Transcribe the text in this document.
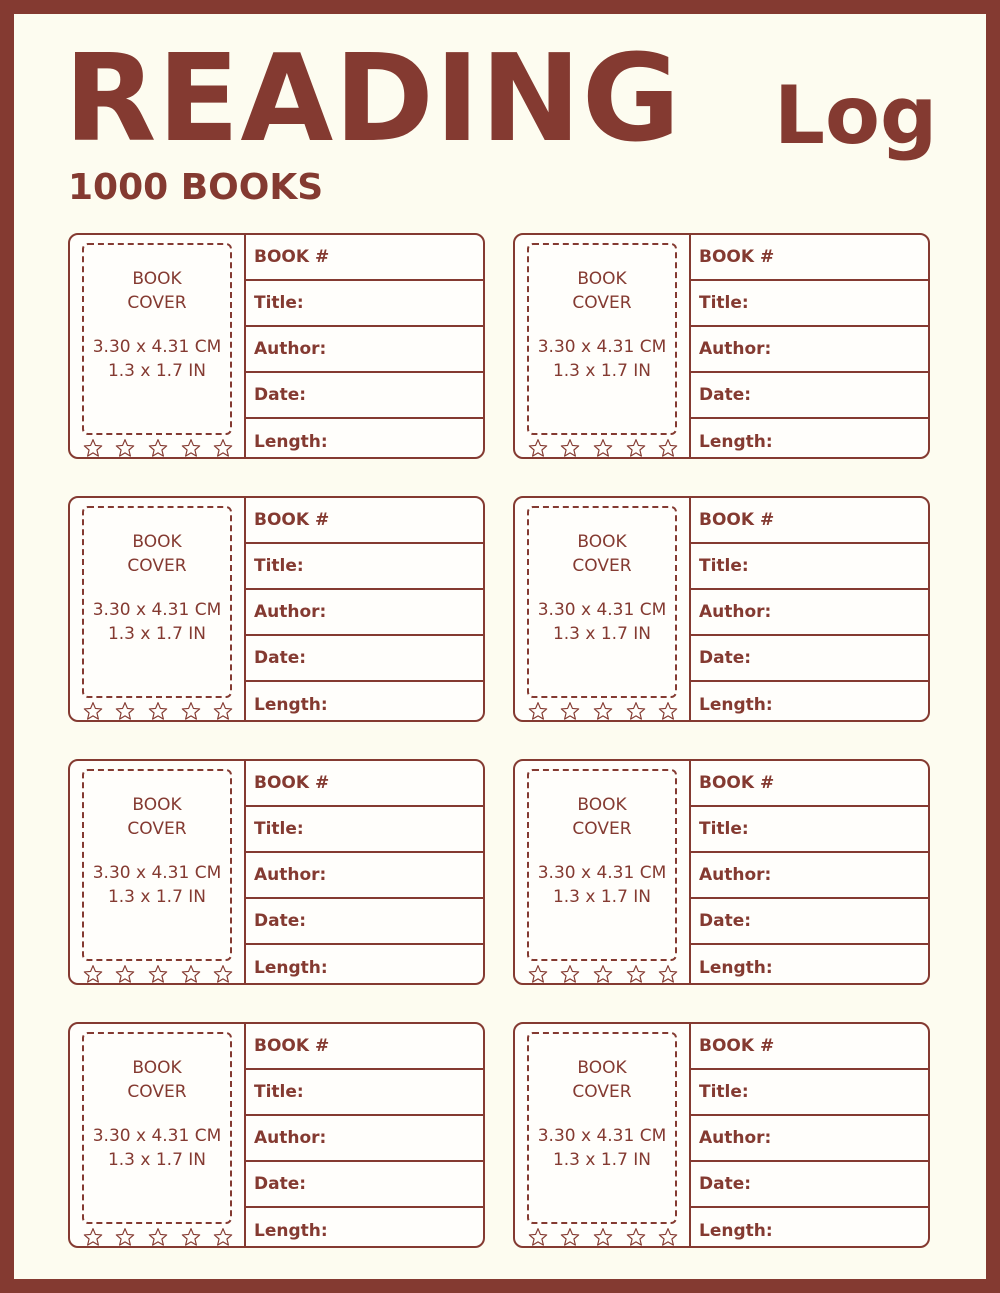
READING Log
1000 BOOKS
BOOK
COVER
3.30 x 4.31 CM
1.3 x 1.7 IN
BOOK #
Title:
Author:
Date:
Length:
BOOK
COVER
3.30 x 4.31 CM
1.3 x 1.7 IN
BOOK #
Title:
Author:
Date:
Length:
BOOK
COVER
3.30 x 4.31 CM
1.3 x 1.7 IN
BOOK #
Title:
Author:
Date:
Length:
BOOK
COVER
3.30 x 4.31 CM
1.3 x 1.7 IN
BOOK #
Title:
Author:
Date:
Length:
BOOK
COVER
3.30 x 4.31 CM
1.3 x 1.7 IN
BOOK #
Title:
Author:
Date:
Length:
BOOK
COVER
3.30 x 4.31 CM
1.3 x 1.7 IN
BOOK #
Title:
Author:
Date:
Length:
BOOK
COVER
3.30 x 4.31 CM
1.3 x 1.7 IN
BOOK #
Title:
Author:
Date:
Length:
BOOK
COVER
3.30 x 4.31 CM
1.3 x 1.7 IN
BOOK #
Title:
Author:
Date:
Length:
